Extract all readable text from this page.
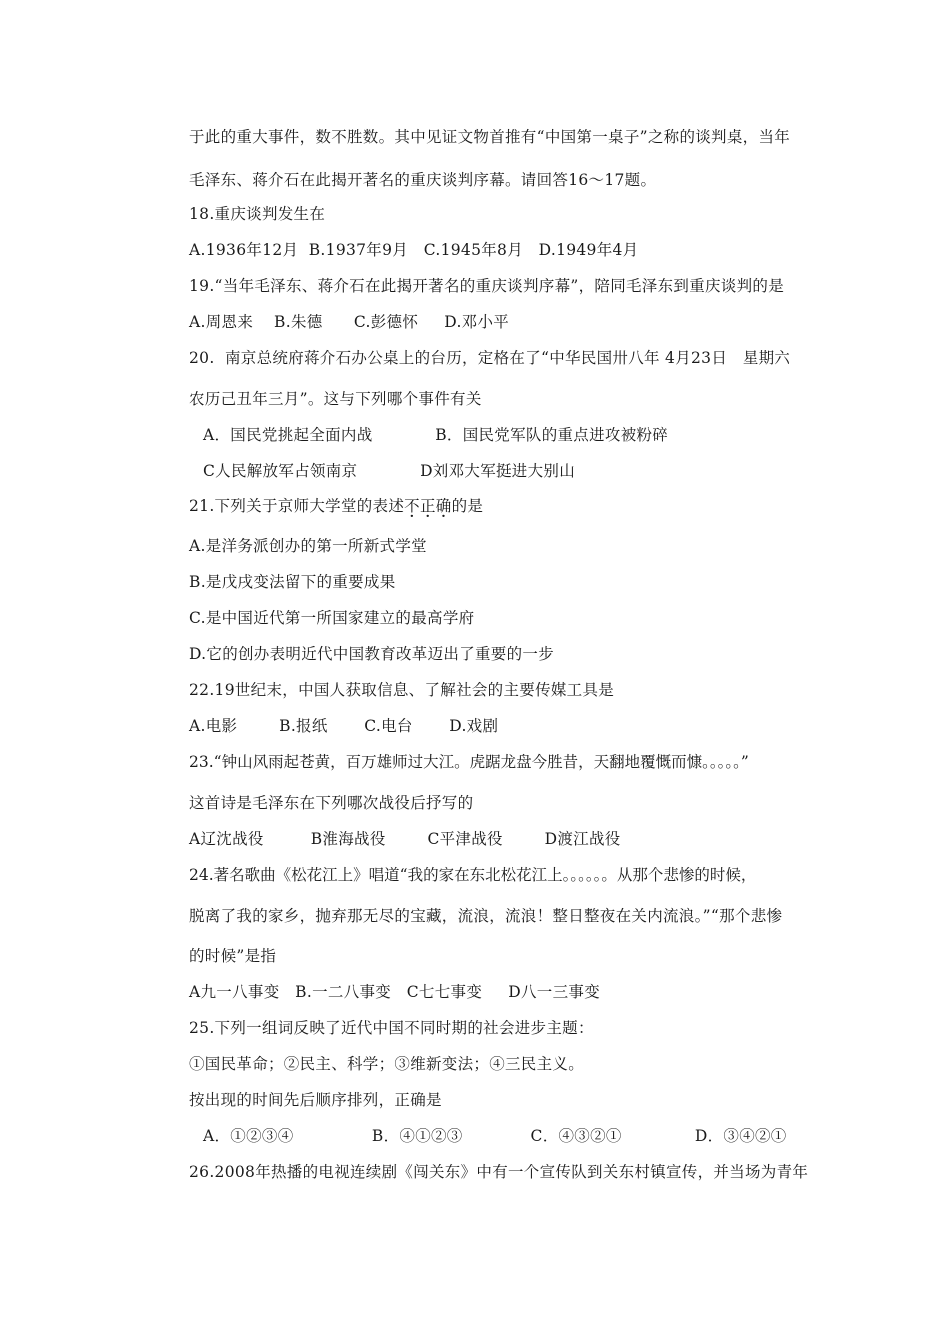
于此的重大事件，数不胜数。其中见证文物首推有“中国第一桌子”之称的谈判桌，当年
毛泽东、蒋介石在此揭开著名的重庆谈判序幕。请回答16～17题。
18.重庆谈判发生在
A.1936年12月  B.1937年9月   C.1945年8月   D.1949年4月
19.“当年毛泽东、蒋介石在此揭开著名的重庆谈判序幕”，陪同毛泽东到重庆谈判的是
A.周恩来    B.朱德      C.彭德怀     D.邓小平
20.  南京总统府蒋介石办公桌上的台历，定格在了“中华民国卅八年 4月23日   星期六
农历己丑年三月”。这与下列哪个事件有关
A．国民党挑起全面内战            B．国民党军队的重点进攻被粉碎
C人民解放军占领南京            D刘邓大军挺进大别山
21.下列关于京师大学堂的表述不正确的是
A.是洋务派创办的第一所新式学堂
B.是戊戌变法留下的重要成果
C.是中国近代第一所国家建立的最高学府
D.它的创办表明近代中国教育改革迈出了重要的一步
22.19世纪末，中国人获取信息、了解社会的主要传媒工具是
A.电影        B.报纸       C.电台       D.戏剧
23.“钟山风雨起苍黄，百万雄师过大江。虎踞龙盘今胜昔，天翻地覆慨而慷。。。。。”
这首诗是毛泽东在下列哪次战役后抒写的
A辽沈战役         B淮海战役        C平津战役        D渡江战役
24.著名歌曲《松花江上》唱道“我的家在东北松花江上。。。。。。从那个悲惨的时候，
脱离了我的家乡，抛弃那无尽的宝藏，流浪，流浪！整日整夜在关内流浪。”“那个悲惨
的时候”是指
A九一八事变   B.一二八事变   C七七事变     D八一三事变
25.下列一组词反映了近代中国不同时期的社会进步主题：
①国民革命；②民主、科学；③维新变法；④三民主义。
按出现的时间先后顺序排列，正确是
A．①②③④               B．④①②③             C．④③②①              D．③④②①
26.2008年热播的电视连续剧《闯关东》中有一个宣传队到关东村镇宣传，并当场为青年
